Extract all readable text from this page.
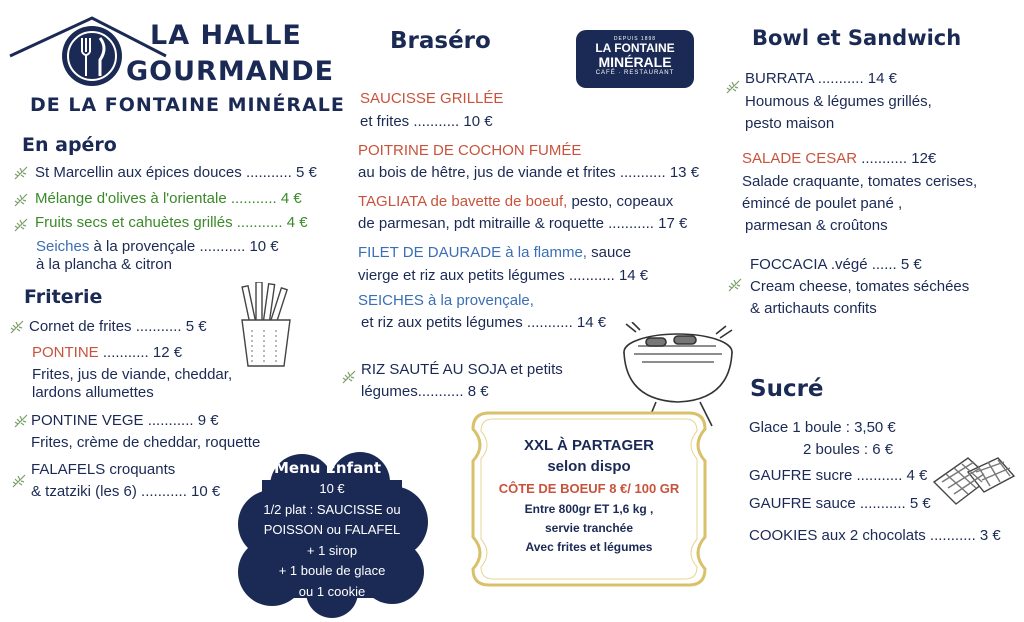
LA HALLE
GOURMANDE
DE LA FONTAINE MINÉRALE
En apéro
St Marcellin aux épices douces ........... 5 €
Mélange d'olives à l'orientale ........... 4 €
Fruits secs et cahuètes grillés ........... 4 €
Seiches à la provençale ........... 10 €
à la plancha & citron
Friterie
Cornet de frites ........... 5 €
PONTINE ........... 12 €
Frites, jus de viande, cheddar,
lardons allumettes
PONTINE VEGE ........... 9 €
Frites, crème de cheddar, roquette
FALAFELS croquants
& tzatziki (les 6) ........... 10 €
Menu Enfant
10 €
1/2 plat : SAUCISSE ou
POISSON ou FALAFEL
+ 1 sirop
+ 1 boule de glace
ou 1 cookie
Braséro	DEPUIS 1898
LA FONTAINE
MINÉRALE
CAFÉ · RESTAURANT
SAUCISSE GRILLÉE
et frites ........... 10 €
POITRINE DE COCHON FUMÉE
au bois de hêtre, jus de viande et frites ........... 13 €
TAGLIATA de bavette de boeuf, pesto, copeaux
de parmesan, pdt mitraille & roquette ........... 17 €
FILET DE DAURADE à la flamme, sauce
vierge et riz aux petits légumes ........... 14 €
SEICHES à la provençale,
et riz aux petits légumes ........... 14 €
RIZ SAUTÉ AU SOJA et petits
légumes........... 8 €
XXL À PARTAGER
selon dispo
CÔTE DE BOEUF 8 €/ 100 GR
Entre 800gr ET 1,6 kg ,
servie tranchée
Avec frites et légumes
Bowl et Sandwich
BURRATA ........... 14 €
Houmous & légumes grillés,
pesto maison
SALADE CESAR ........... 12€
Salade craquante, tomates cerises,
émincé de poulet pané ,
parmesan & croûtons
FOCCACIA .végé ...... 5 €
Cream cheese, tomates séchées
& artichauts confits
Sucré
Glace 1 boule : 3,50 €
2 boules : 6 €
GAUFRE sucre ........... 4 €
GAUFRE sauce ........... 5 €
COOKIES aux 2 chocolats ........... 3 €
